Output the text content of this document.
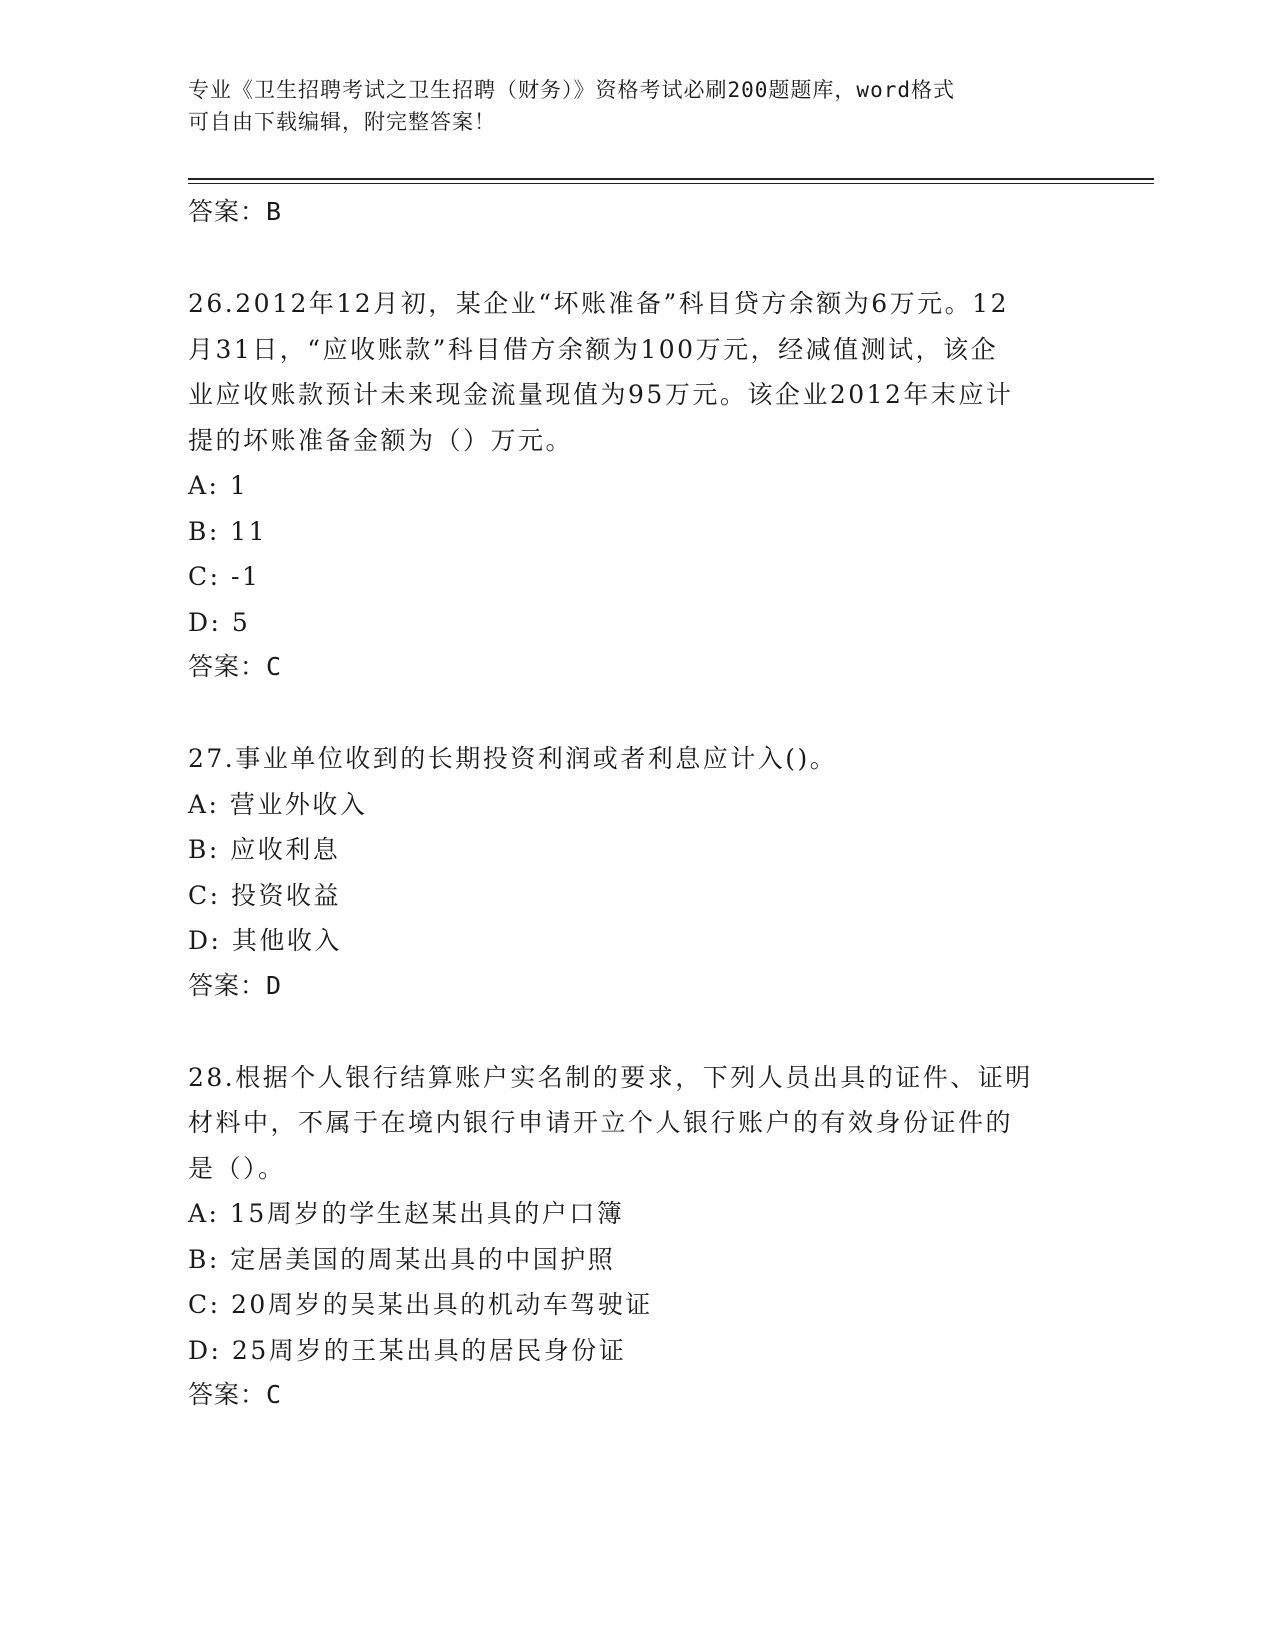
专业《卫生招聘考试之卫生招聘（财务）》资格考试必刷200题题库，word格式
可自由下载编辑，附完整答案！
答案：B
26.2012年12月初，某企业“坏账准备”科目贷方余额为6万元。12
月31日，“应收账款”科目借方余额为100万元，经减值测试，该企
业应收账款预计未来现金流量现值为95万元。该企业2012年末应计
提的坏账准备金额为（）万元。
A: 1
B: 11
C: -1
D: 5
答案：C
27.事业单位收到的长期投资利润或者利息应计入()。
A: 营业外收入
B: 应收利息
C: 投资收益
D: 其他收入
答案：D
28.根据个人银行结算账户实名制的要求，下列人员出具的证件、证明
材料中，不属于在境内银行申请开立个人银行账户的有效身份证件的
是（）。
A: 15周岁的学生赵某出具的户口簿
B: 定居美国的周某出具的中国护照
C: 20周岁的吴某出具的机动车驾驶证
D: 25周岁的王某出具的居民身份证
答案：C
